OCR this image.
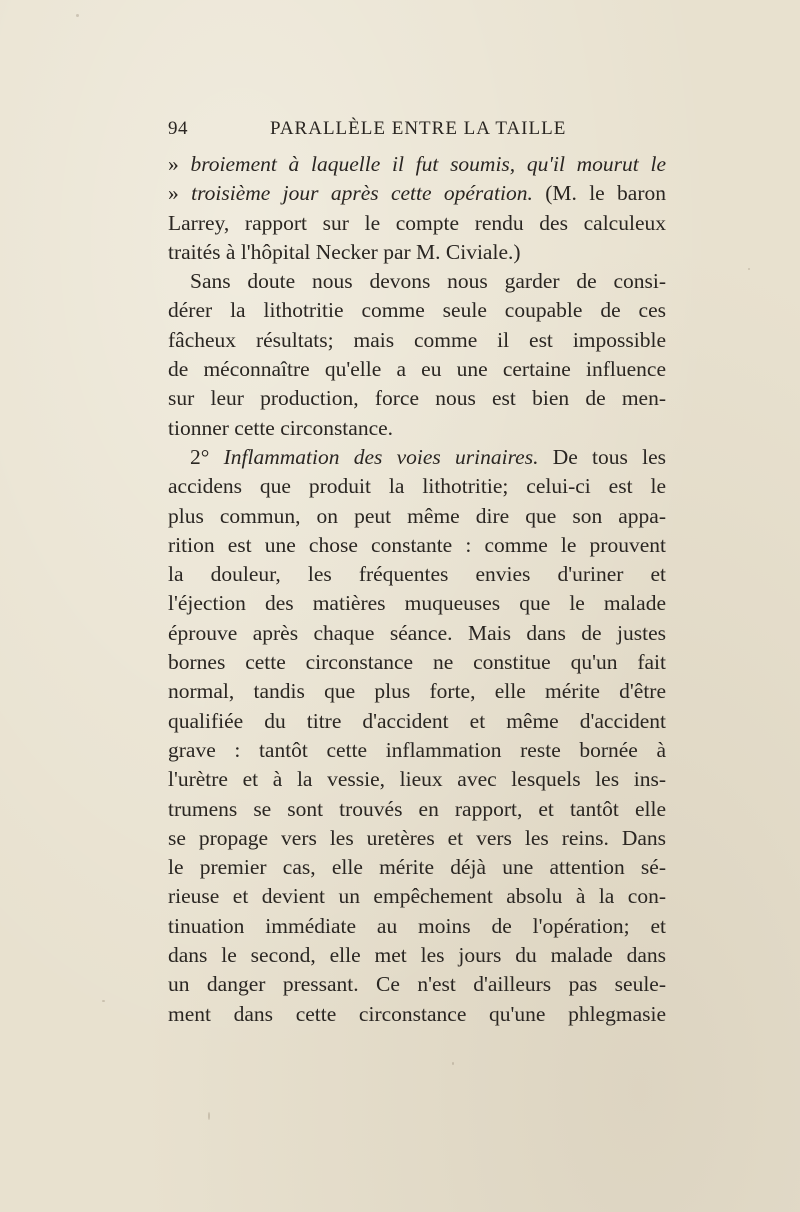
94	PARALLÈLE ENTRE LA TAILLE
» broiement à laquelle il fut soumis, qu'il mourut le
» troisième jour après cette opération. (M. le baron
Larrey, rapport sur le compte rendu des calculeux
traités à l'hôpital Necker par M. Civiale.)
Sans doute nous devons nous garder de consi-
dérer la lithotritie comme seule coupable de ces
fâcheux résultats; mais comme il est impossible
de méconnaître qu'elle a eu une certaine influence
sur leur production, force nous est bien de men-
tionner cette circonstance.
2° Inflammation des voies urinaires. De tous les
accidens que produit la lithotritie; celui-ci est le
plus commun, on peut même dire que son appa-
rition est une chose constante : comme le prouvent
la douleur, les fréquentes envies d'uriner et
l'éjection des matières muqueuses que le malade
éprouve après chaque séance. Mais dans de justes
bornes cette circonstance ne constitue qu'un fait
normal, tandis que plus forte, elle mérite d'être
qualifiée du titre d'accident et même d'accident
grave : tantôt cette inflammation reste bornée à
l'urètre et à la vessie, lieux avec lesquels les ins-
trumens se sont trouvés en rapport, et tantôt elle
se propage vers les uretères et vers les reins. Dans
le premier cas, elle mérite déjà une attention sé-
rieuse et devient un empêchement absolu à la con-
tinuation immédiate au moins de l'opération; et
dans le second, elle met les jours du malade dans
un danger pressant. Ce n'est d'ailleurs pas seule-
ment dans cette circonstance qu'une phlegmasie
